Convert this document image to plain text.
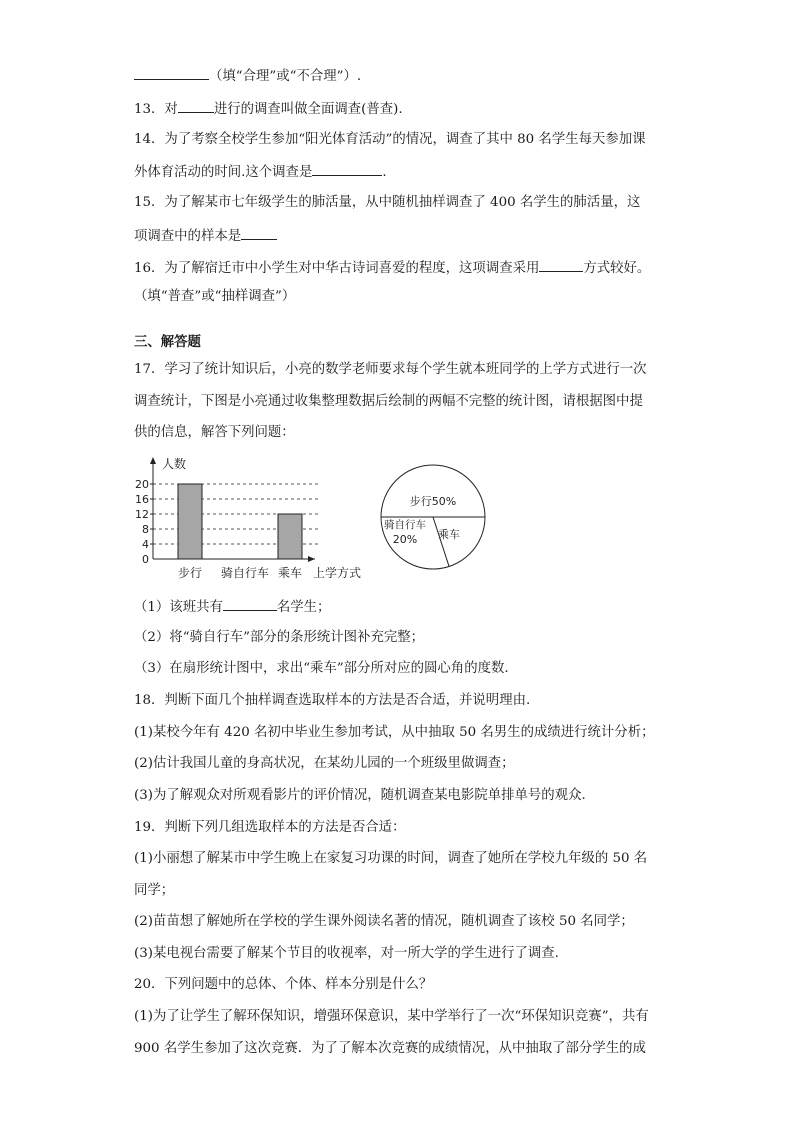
（填“合理”或“不合理”）.
13．对	进行的调查叫做全面调查(普查).
14．为了考察全校学生参加“阳光体育活动”的情况，调查了其中 80 名学生每天参加课
外体育活动的时间.这个调查是	.
15．为了解某市七年级学生的肺活量，从中随机抽样调查了 400 名学生的肺活量，这
项调查中的样本是
16．为了解宿迁市中小学生对中华古诗词喜爱的程度，这项调查采用	方式较好。
（填“普查”或“抽样调查”）
三、解答题
17．学习了统计知识后，小亮的数学老师要求每个学生就本班同学的上学方式进行一次
调查统计，下图是小亮通过收集整理数据后绘制的两幅不完整的统计图，请根据图中提
供的信息，解答下列问题：
人数
0
4
8
12
16
20
步行 骑自行车 乘车 上学方式
步行50%
骑自行车
20% 乘车
（1）该班共有	名学生；
（2）将“骑自行车”部分的条形统计图补充完整；
（3）在扇形统计图中，求出“乘车”部分所对应的圆心角的度数.
18．判断下面几个抽样调查选取样本的方法是否合适，并说明理由.
(1)某校今年有 420 名初中毕业生参加考试，从中抽取 50 名男生的成绩进行统计分析；
(2)估计我国儿童的身高状况，在某幼儿园的一个班级里做调查；
(3)为了解观众对所观看影片的评价情况，随机调查某电影院单排单号的观众.
19．判断下列几组选取样本的方法是否合适：
(1)小丽想了解某市中学生晚上在家复习功课的时间，调查了她所在学校九年级的 50 名
同学；
(2)苗苗想了解她所在学校的学生课外阅读名著的情况，随机调查了该校 50 名同学；
(3)某电视台需要了解某个节目的收视率，对一所大学的学生进行了调查.
20．下列问题中的总体、个体、样本分别是什么？
(1)为了让学生了解环保知识，增强环保意识，某中学举行了一次“环保知识竞赛”，共有
900 名学生参加了这次竞赛．为了了解本次竞赛的成绩情况，从中抽取了部分学生的成
